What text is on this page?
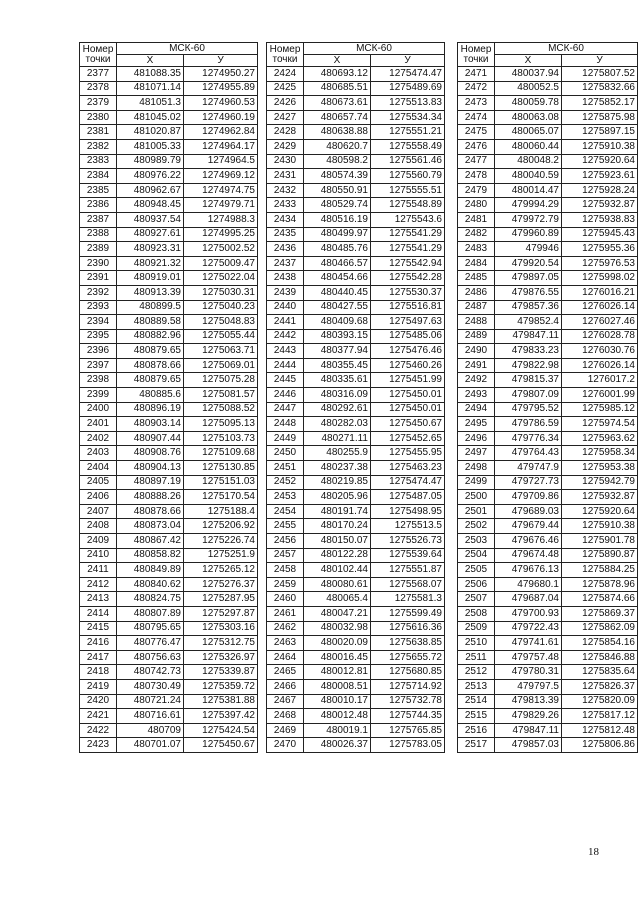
Номер
точки	МСК-60	
	X	У
2377	481088.35	1274950.27
2378	481071.14	1274955.89
2379	481051.3	1274960.53
2380	481045.02	1274960.19
2381	481020.87	1274962.84
2382	481005.33	1274964.17
2383	480989.79	1274964.5
2384	480976.22	1274969.12
2385	480962.67	1274974.75
2386	480948.45	1274979.71
2387	480937.54	1274988.3
2388	480927.61	1274995.25
2389	480923.31	1275002.52
2390	480921.32	1275009.47
2391	480919.01	1275022.04
2392	480913.39	1275030.31
2393	480899.5	1275040.23
2394	480889.58	1275048.83
2395	480882.96	1275055.44
2396	480879.65	1275063.71
2397	480878.66	1275069.01
2398	480879.65	1275075.28
2399	480885.6	1275081.57
2400	480896.19	1275088.52
2401	480903.14	1275095.13
2402	480907.44	1275103.73
2403	480908.76	1275109.68
2404	480904.13	1275130.85
2405	480897.19	1275151.03
2406	480888.26	1275170.54
2407	480878.66	1275188.4
2408	480873.04	1275206.92
2409	480867.42	1275226.74
2410	480858.82	1275251.9
2411	480849.89	1275265.12
2412	480840.62	1275276.37
2413	480824.75	1275287.95
2414	480807.89	1275297.87
2415	480795.65	1275303.16
2416	480776.47	1275312.75
2417	480756.63	1275326.97
2418	480742.73	1275339.87
2419	480730.49	1275359.72
2420	480721.24	1275381.88
2421	480716.61	1275397.42
2422	480709	1275424.54
2423	480701.07	1275450.67
Номер
точки	МСК-60	
	X	У
2424	480693.12	1275474.47
2425	480685.51	1275489.69
2426	480673.61	1275513.83
2427	480657.74	1275534.34
2428	480638.88	1275551.21
2429	480620.7	1275558.49
2430	480598.2	1275561.46
2431	480574.39	1275560.79
2432	480550.91	1275555.51
2433	480529.74	1275548.89
2434	480516.19	1275543.6
2435	480499.97	1275541.29
2436	480485.76	1275541.29
2437	480466.57	1275542.94
2438	480454.66	1275542.28
2439	480440.45	1275530.37
2440	480427.55	1275516.81
2441	480409.68	1275497.63
2442	480393.15	1275485.06
2443	480377.94	1275476.46
2444	480355.45	1275460.26
2445	480335.61	1275451.99
2446	480316.09	1275450.01
2447	480292.61	1275450.01
2448	480282.03	1275450.67
2449	480271.11	1275452.65
2450	480255.9	1275455.95
2451	480237.38	1275463.23
2452	480219.85	1275474.47
2453	480205.96	1275487.05
2454	480191.74	1275498.95
2455	480170.24	1275513.5
2456	480150.07	1275526.73
2457	480122.28	1275539.64
2458	480102.44	1275551.87
2459	480080.61	1275568.07
2460	480065.4	1275581.3
2461	480047.21	1275599.49
2462	480032.98	1275616.36
2463	480020.09	1275638.85
2464	480016.45	1275655.72
2465	480012.81	1275680.85
2466	480008.51	1275714.92
2467	480010.17	1275732.78
2468	480012.48	1275744.35
2469	480019.1	1275765.85
2470	480026.37	1275783.05
Номер
точки	МСК-60	
	X	У
2471	480037.94	1275807.52
2472	480052.5	1275832.66
2473	480059.78	1275852.17
2474	480063.08	1275875.98
2475	480065.07	1275897.15
2476	480060.44	1275910.38
2477	480048.2	1275920.64
2478	480040.59	1275923.61
2479	480014.47	1275928.24
2480	479994.29	1275932.87
2481	479972.79	1275938.83
2482	479960.89	1275945.43
2483	479946	1275955.36
2484	479920.54	1275976.53
2485	479897.05	1275998.02
2486	479876.55	1276016.21
2487	479857.36	1276026.14
2488	479852.4	1276027.46
2489	479847.11	1276028.78
2490	479833.23	1276030.76
2491	479822.98	1276026.14
2492	479815.37	1276017.2
2493	479807.09	1276001.99
2494	479795.52	1275985.12
2495	479786.59	1275974.54
2496	479776.34	1275963.62
2497	479764.43	1275958.34
2498	479747.9	1275953.38
2499	479727.73	1275942.79
2500	479709.86	1275932.87
2501	479689.03	1275920.64
2502	479679.44	1275910.38
2503	479676.46	1275901.78
2504	479674.48	1275890.87
2505	479676.13	1275884.25
2506	479680.1	1275878.96
2507	479687.04	1275874.66
2508	479700.93	1275869.37
2509	479722.43	1275862.09
2510	479741.61	1275854.16
2511	479757.48	1275846.88
2512	479780.31	1275835.64
2513	479797.5	1275826.37
2514	479813.39	1275820.09
2515	479829.26	1275817.12
2516	479847.11	1275812.48
2517	479857.03	1275806.86
18
